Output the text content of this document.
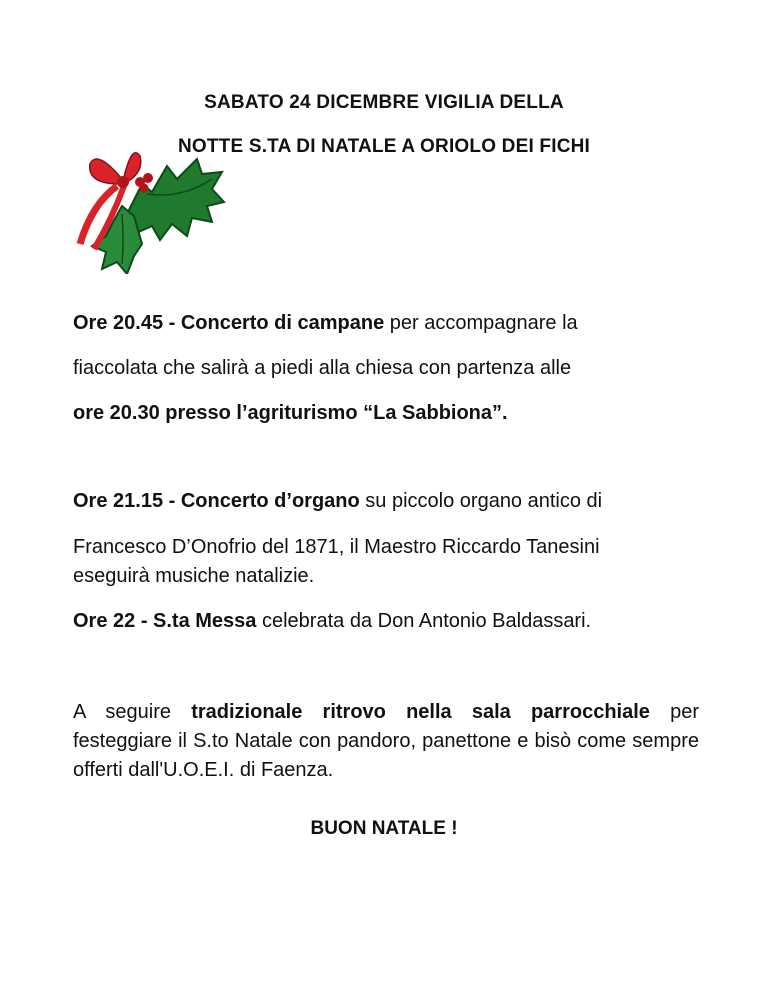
SABATO 24 DICEMBRE VIGILIA DELLA
NOTTE S.TA DI NATALE A ORIOLO DEI FICHI
Ore 20.45 - Concerto di campane per accompagnare la
fiaccolata che salirà a piedi alla chiesa con partenza alle
ore 20.30 presso l’agriturismo “La Sabbiona”.
Ore 21.15 - Concerto d’organo su piccolo organo antico di
Francesco D’Onofrio del 1871, il Maestro Riccardo Tanesini
eseguirà musiche natalizie.
Ore 22 - S.ta Messa celebrata da Don Antonio Baldassari.
A seguire tradizionale ritrovo nella sala parrocchiale per festeggiare il S.to Natale con pandoro, panettone e bisò come sempre offerti dall'U.O.E.I. di Faenza.
BUON NATALE !
